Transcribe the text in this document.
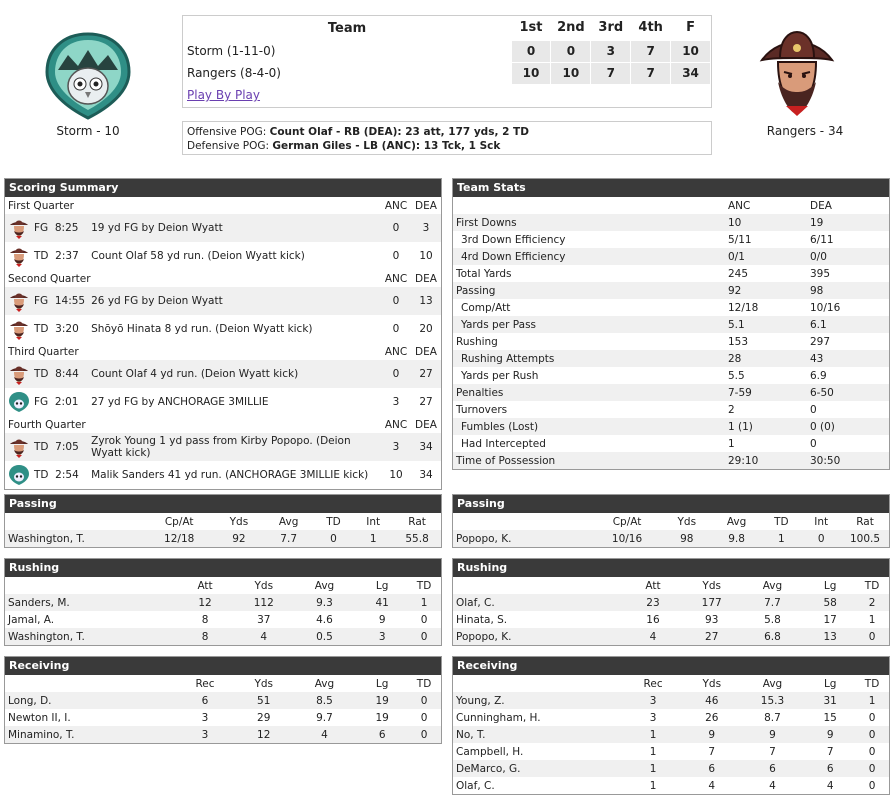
Storm - 10	Rangers - 34
Team	1st	2nd	3rd	4th	F
Storm (1-11-0)	0	0	3	7	10
Rangers (8-4-0)	10	10	7	7	34
Play By Play					
Offensive POG: Count Olaf - RB (DEA): 23 att, 177 yds, 2 TD
Defensive POG: German Giles - LB (ANC): 13 Tck, 1 Sck
Scoring Summary
First Quarter		ANC	DEA
FG  8:25	19 yd FG by Deion Wyatt	0	3
TD  2:37	Count Olaf 58 yd run. (Deion Wyatt kick)	0	10
Second Quarter		ANC	DEA
FG  14:55	26 yd FG by Deion Wyatt	0	13
TD  3:20	Shōyō Hinata 8 yd run. (Deion Wyatt kick)	0	20
Third Quarter		ANC	DEA
TD  8:44	Count Olaf 4 yd run. (Deion Wyatt kick)	0	27
FG  2:01	27 yd FG by ANCHORAGE 3MILLIE	3	27
Fourth Quarter		ANC	DEA
TD  7:05	Zyrok Young 1 yd pass from Kirby Popopo. (Deion Wyatt kick)	3	34
TD  2:54	Malik Sanders 41 yd run. (ANCHORAGE 3MILLIE kick)	10	34
Team Stats
	ANC	DEA
First Downs	10	19
3rd Down Efficiency	5/11	6/11
4rd Down Efficiency	0/1	0/0
Total Yards	245	395
Passing	92	98
Comp/Att	12/18	10/16
Yards per Pass	5.1	6.1
Rushing	153	297
Rushing Attempts	28	43
Yards per Rush	5.5	6.9
Penalties	7-59	6-50
Turnovers	2	0
Fumbles (Lost)	1 (1)	0 (0)
Had Intercepted	1	0
Time of Possession	29:10	30:50
Passing
	Cp/At	Yds	Avg	TD	Int	Rat
Washington, T.	12/18	92	7.7	0	1	55.8
Passing
	Cp/At	Yds	Avg	TD	Int	Rat
Popopo, K.	10/16	98	9.8	1	0	100.5
Rushing
	Att	Yds	Avg	Lg	TD
Sanders, M.	12	112	9.3	41	1
Jamal, A.	8	37	4.6	9	0
Washington, T.	8	4	0.5	3	0
Rushing
	Att	Yds	Avg	Lg	TD
Olaf, C.	23	177	7.7	58	2
Hinata, S.	16	93	5.8	17	1
Popopo, K.	4	27	6.8	13	0
Receiving
	Rec	Yds	Avg	Lg	TD
Long, D.	6	51	8.5	19	0
Newton II, I.	3	29	9.7	19	0
Minamino, T.	3	12	4	6	0
Receiving
	Rec	Yds	Avg	Lg	TD
Young, Z.	3	46	15.3	31	1
Cunningham, H.	3	26	8.7	15	0
No, T.	1	9	9	9	0
Campbell, H.	1	7	7	7	0
DeMarco, G.	1	6	6	6	0
Olaf, C.	1	4	4	4	0
